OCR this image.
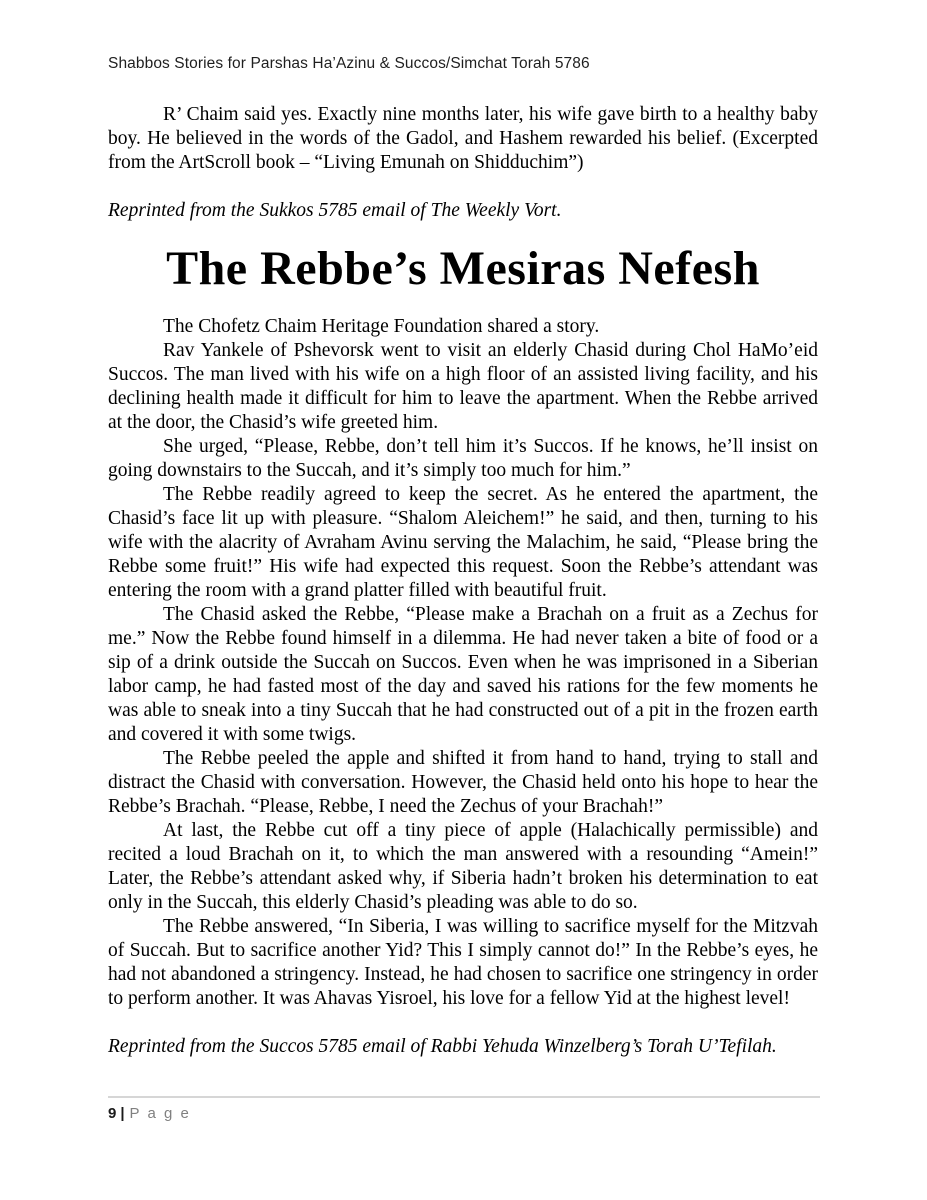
Shabbos Stories for Parshas Ha’Azinu & Succos/Simchat Torah 5786

R’ Chaim said yes. Exactly nine months later, his wife gave birth to a healthy baby boy. He believed in the words of the Gadol, and Hashem rewarded his belief. (Excerpted from the ArtScroll book – “Living Emunah on Shidduchim”)

Reprinted from the Sukkos 5785 email of The Weekly Vort.

The Rebbe’s Mesiras Nefesh

The Chofetz Chaim Heritage Foundation shared a story.

Rav Yankele of Pshevorsk went to visit an elderly Chasid during Chol HaMo’eid Succos. The man lived with his wife on a high floor of an assisted living facility, and his declining health made it difficult for him to leave the apartment. When the Rebbe arrived at the door, the Chasid’s wife greeted him.

She urged, “Please, Rebbe, don’t tell him it’s Succos. If he knows, he’ll insist on going downstairs to the Succah, and it’s simply too much for him.”

The Rebbe readily agreed to keep the secret. As he entered the apartment, the Chasid’s face lit up with pleasure. “Shalom Aleichem!” he said, and then, turning to his wife with the alacrity of Avraham Avinu serving the Malachim, he said, “Please bring the Rebbe some fruit!” His wife had expected this request. Soon the Rebbe’s attendant was entering the room with a grand platter filled with beautiful fruit.

The Chasid asked the Rebbe, “Please make a Brachah on a fruit as a Zechus for me.” Now the Rebbe found himself in a dilemma. He had never taken a bite of food or a sip of a drink outside the Succah on Succos. Even when he was imprisoned in a Siberian labor camp, he had fasted most of the day and saved his rations for the few moments he was able to sneak into a tiny Succah that he had constructed out of a pit in the frozen earth and covered it with some twigs.

The Rebbe peeled the apple and shifted it from hand to hand, trying to stall and distract the Chasid with conversation. However, the Chasid held onto his hope to hear the Rebbe’s Brachah. “Please, Rebbe, I need the Zechus of your Brachah!”

At last, the Rebbe cut off a tiny piece of apple (Halachically permissible) and recited a loud Brachah on it, to which the man answered with a resounding “Amein!” Later, the Rebbe’s attendant asked why, if Siberia hadn’t broken his determination to eat only in the Succah, this elderly Chasid’s pleading was able to do so.

The Rebbe answered, “In Siberia, I was willing to sacrifice myself for the Mitzvah of Succah. But to sacrifice another Yid? This I simply cannot do!” In the Rebbe’s eyes, he had not abandoned a stringency. Instead, he had chosen to sacrifice one stringency in order to perform another. It was Ahavas Yisroel, his love for a fellow Yid at the highest level!

Reprinted from the Succos 5785 email of Rabbi Yehuda Winzelberg’s Torah U’Tefilah.

9 | P a g e
